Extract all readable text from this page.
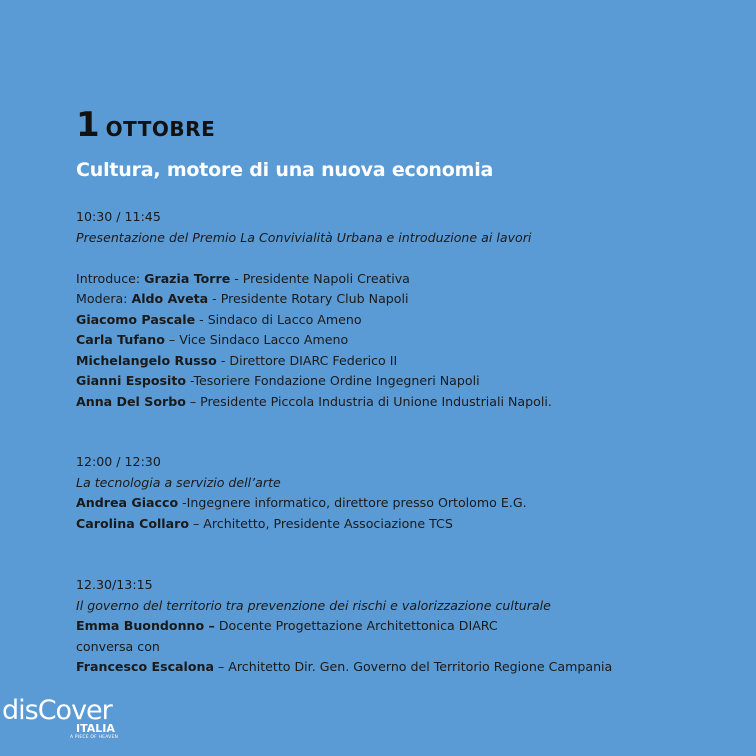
1 OTTOBRE

Cultura, motore di una nuova economia

10:30 / 11:45

Presentazione del Premio La Convivialità Urbana e introduzione ai lavori

Introduce: Grazia Torre - Presidente Napoli Creativa

Modera: Aldo Aveta - Presidente Rotary Club Napoli

Giacomo Pascale - Sindaco di Lacco Ameno

Carla Tufano – Vice Sindaco Lacco Ameno

Michelangelo Russo - Direttore DIARC Federico II

Gianni Esposito -Tesoriere Fondazione Ordine Ingegneri Napoli

Anna Del Sorbo – Presidente Piccola Industria di Unione Industriali Napoli.

12:00 / 12:30

La tecnologia a servizio dell’arte

Andrea Giacco -Ingegnere informatico, direttore presso Ortolomo E.G.

Carolina Collaro – Architetto, Presidente Associazione TCS

12.30/13:15

Il governo del territorio tra prevenzione dei rischi e valorizzazione culturale

Emma Buondonno – Docente Progettazione Architettonica DIARC

conversa con

Francesco Escalona – Architetto Dir. Gen. Governo del Territorio Regione Campania

disCover
ITALIA
A PIECE OF HEAVEN
